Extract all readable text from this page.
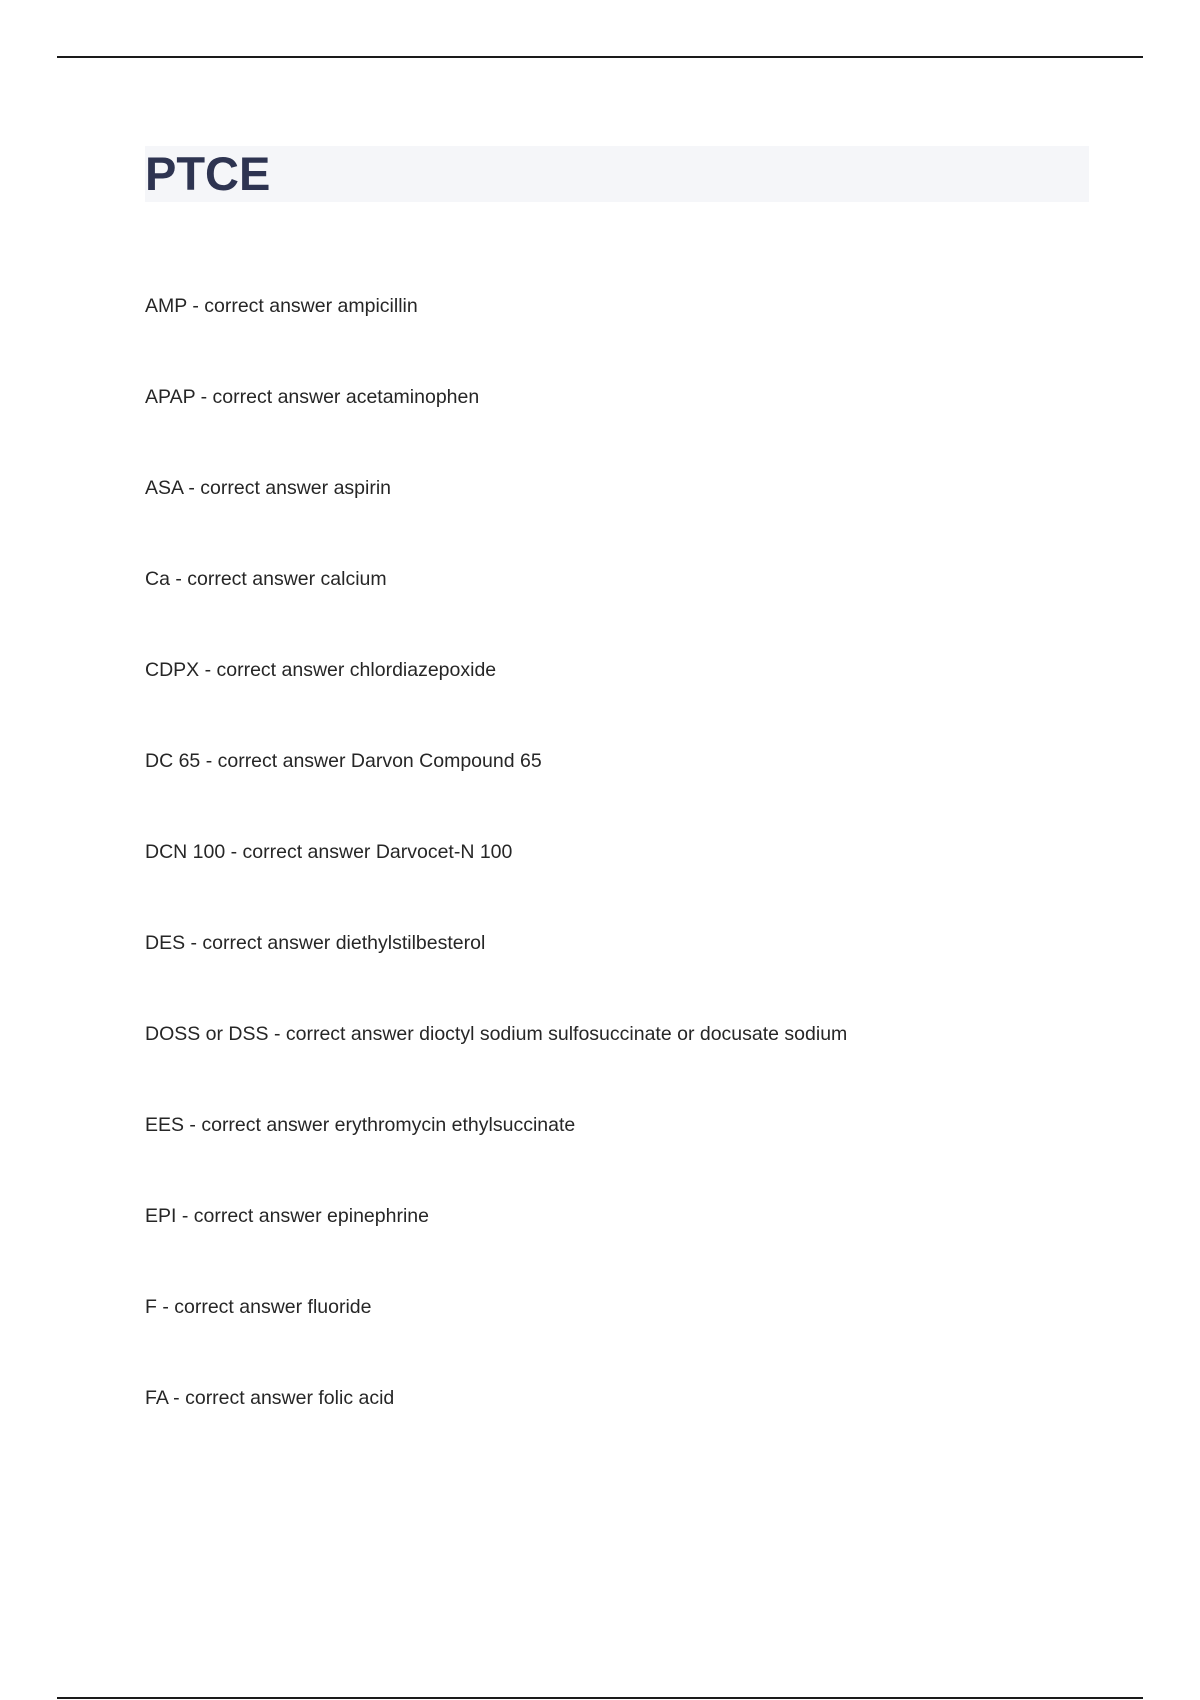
PTCE
AMP - correct answer ampicillin
APAP - correct answer acetaminophen
ASA - correct answer aspirin
Ca - correct answer calcium
CDPX - correct answer chlordiazepoxide
DC 65 - correct answer Darvon Compound 65
DCN 100 - correct answer Darvocet-N 100
DES - correct answer diethylstilbesterol
DOSS or DSS - correct answer dioctyl sodium sulfosuccinate or docusate sodium
EES - correct answer erythromycin ethylsuccinate
EPI - correct answer epinephrine
F - correct answer fluoride
FA - correct answer folic acid
